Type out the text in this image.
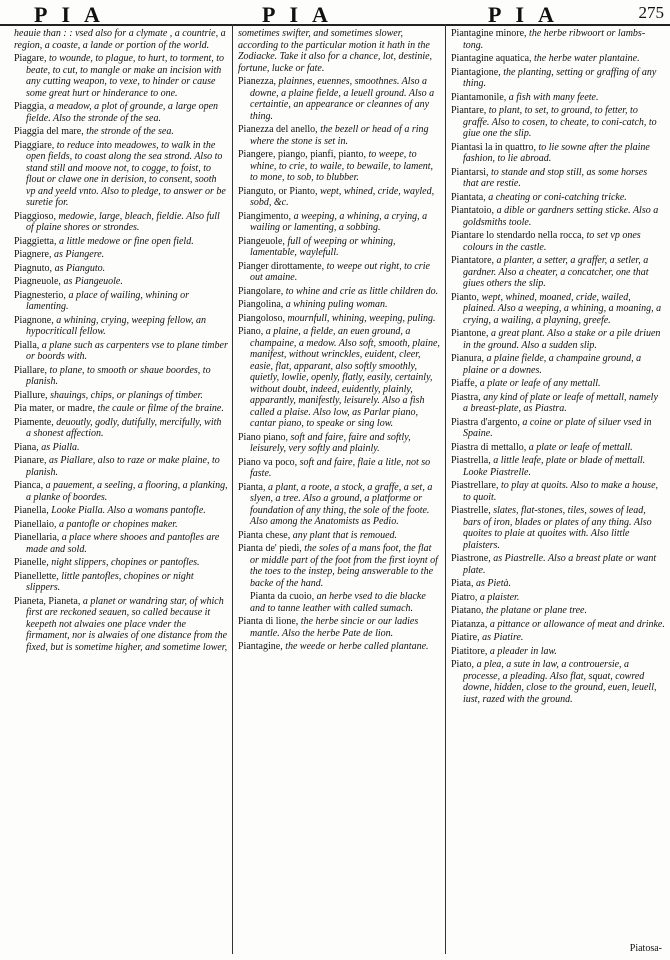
PIA	PIA	PIA	275
heauie than : : vsed also for a clymate , a countrie, a region, a coaste, a lande or portion of the world.
Piagare, to wounde, to plague, to hurt, to torment, to beate, to cut, to mangle or make an incision with any cutting weapon, to vexe, to hinder or cause some great hurt or hinderance to one.
Piaggia, a meadow, a plot of grounde, a large open fielde. Also the stronde of the sea.
Piaggia del mare, the stronde of the sea.
Piaggiare, to reduce into meadowes, to walk in the open fields, to coast along the sea strond. Also to stand still and moove not, to cogge, to foist, to flout or clawe one in derision, to consent, sooth vp and yeeld vnto. Also to pledge, to answer or be suretie for.
Piaggioso, medowie, large, bleach, fieldie. Also full of plaine shores or strondes.
Piaggietta, a little medowe or fine open field.
Piagnere, as Piangere.
Piagnuto, as Pianguto.
Piagneuole, as Piangeuole.
Piagnesterio, a place of wailing, whining or lamenting.
Piagnone, a whining, crying, weeping fellow, an hypocriticall fellow.
Pialla, a plane such as carpenters vse to plane timber or boords with.
Piallare, to plane, to smooth or shaue boordes, to planish.
Piallure, shauings, chips, or planings of timber.
Pia mater, or madre, the caule or filme of the braine.
Piamente, deuoutly, godly, dutifully, mercifully, with a shonest affection.
Piana, as Pialla.
Pianare, as Piallare, also to raze or make plaine, to planish.
Pianca, a pauement, a seeling, a flooring, a planking, a planke of boordes.
Pianella, Looke Pialla. Also a womans pantofle.
Pianellaio, a pantofle or chopines maker.
Pianellaria, a place where shooes and pantofles are made and sold.
Pianelle, night slippers, chopines or pantofles.
Pianellette, little pantofles, chopines or night slippers.
Pianeta, Pianeta, a planet or wandring star, of which first are reckoned seauen, so called because it keepeth not alwaies one place vnder the firmament, nor is alwaies of one distance from the fixed, but is sometime higher, and sometime lower,
sometimes swifter, and sometimes slower, according to the particular motion it hath in the Zodiacke. Take it also for a chance, lot, destinie, fortune, lucke or fate.
Pianezza, plainnes, euennes, smoothnes. Also a downe, a plaine fielde, a leuell ground. Also a certaintie, an appearance or cleannes of any thing.
Pianezza del anello, the bezell or head of a ring where the stone is set in.
Piangere, piango, pianfi, pianto, to weepe, to whine, to crie, to waile, to bewaile, to lament, to mone, to sob, to blubber.
Pianguto, or Pianto, wept, whined, cride, wayled, sobd, &c.
Piangimento, a weeping, a whining, a crying, a wailing or lamenting, a sobbing.
Piangeuole, full of weeping or whining, lamentable, waylefull.
Pianger dirottamente, to weepe out right, to crie out amaine.
Piangolare, to whine and crie as little children do.
Piangolina, a whining puling woman.
Piangoloso, mournfull, whining, weeping, puling.
Piano, a plaine, a fielde, an euen ground, a champaine, a medow. Also soft, smooth, plaine, manifest, without wrinckles, euident, cleer, easie, flat, apparant, also softly smoothly, quietly, lowlie, openly, flatly, easily, certainly, without doubt, indeed, euidently, plainly, apparantly, manifestly, leisurely. Also a fish called a plaise. Also low, as Parlar piano, cantar piano, to speake or sing low.
Piano piano, soft and faire, faire and softly, leisurely, very softly and plainly.
Piano va poco, soft and faire, flaie a litle, not so faste.
Pianta, a plant, a roote, a stock, a graffe, a set, a slyen, a tree. Also a ground, a platforme or foundation of any thing, the sole of the foote. Also among the Anatomists as Pedio.
Pianta chese, any plant that is remoued.
Pianta de' piedi, the soles of a mans foot, the flat or middle part of the foot from the first ioynt of the toes to the instep, being answerable to the backe of the hand.
Pianta da cuoio, an herbe vsed to die blacke and to tanne leather with called sumach.
Pianta di lione, the herbe sincie or our ladies mantle. Also the herbe Pate de lion.
Piantagine, the weede or herbe called plantane.
Piantagine minore, the herbe ribwoort or lambs-tong.
Piantagine aquatica, the herbe water plantaine.
Piantagione, the planting, setting or graffing of any thing.
Piantamonile, a fish with many feete.
Piantare, to plant, to set, to ground, to fetter, to graffe. Also to cosen, to cheate, to coni-catch, to giue one the slip.
Piantasi la in quattro, to lie sowne after the plaine fashion, to lie abroad.
Piantarsi, to stande and stop still, as some horses that are restie.
Piantata, a cheating or coni-catching tricke.
Piantatoio, a dible or gardners setting sticke. Also a goldsmiths toole.
Piantare lo stendardo nella rocca, to set vp ones colours in the castle.
Piantatore, a planter, a setter, a graffer, a setler, a gardner. Also a cheater, a concatcher, one that giues others the slip.
Pianto, wept, whined, moaned, cride, wailed, plained. Also a weeping, a whining, a moaning, a crying, a wailing, a playning, greefe.
Piantone, a great plant. Also a stake or a pile driuen in the ground. Also a sudden slip.
Pianura, a plaine fielde, a champaine ground, a plaine or a downes.
Piaffe, a plate or leafe of any mettall.
Piastra, any kind of plate or leafe of mettall, namely a breast-plate, as Piastra.
Piastra d'argento, a coine or plate of siluer vsed in Spaine.
Piastra di mettallo, a plate or leafe of mettall.
Piastrella, a little leafe, plate or blade of mettall. Looke Piastrelle.
Piastrellare, to play at quoits. Also to make a house, to quoit.
Piastrelle, slates, flat-stones, tiles, sowes of lead, bars of iron, blades or plates of any thing. Also quoites to plaie at quoites with. Also little plaisters.
Piastrone, as Piastrelle. Also a breast plate or want plate.
Piata, as Pietà.
Piatro, a plaister.
Piatano, the platane or plane tree.
Piatanza, a pittance or allowance of meat and drinke.
Piatire, as Piatire.
Piatitore, a pleader in law.
Piato, a plea, a sute in law, a controuersie, a processe, a pleading. Also flat, squat, cowred downe, hidden, close to the ground, euen, leuell, iust, razed with the ground.
Piatosa-
